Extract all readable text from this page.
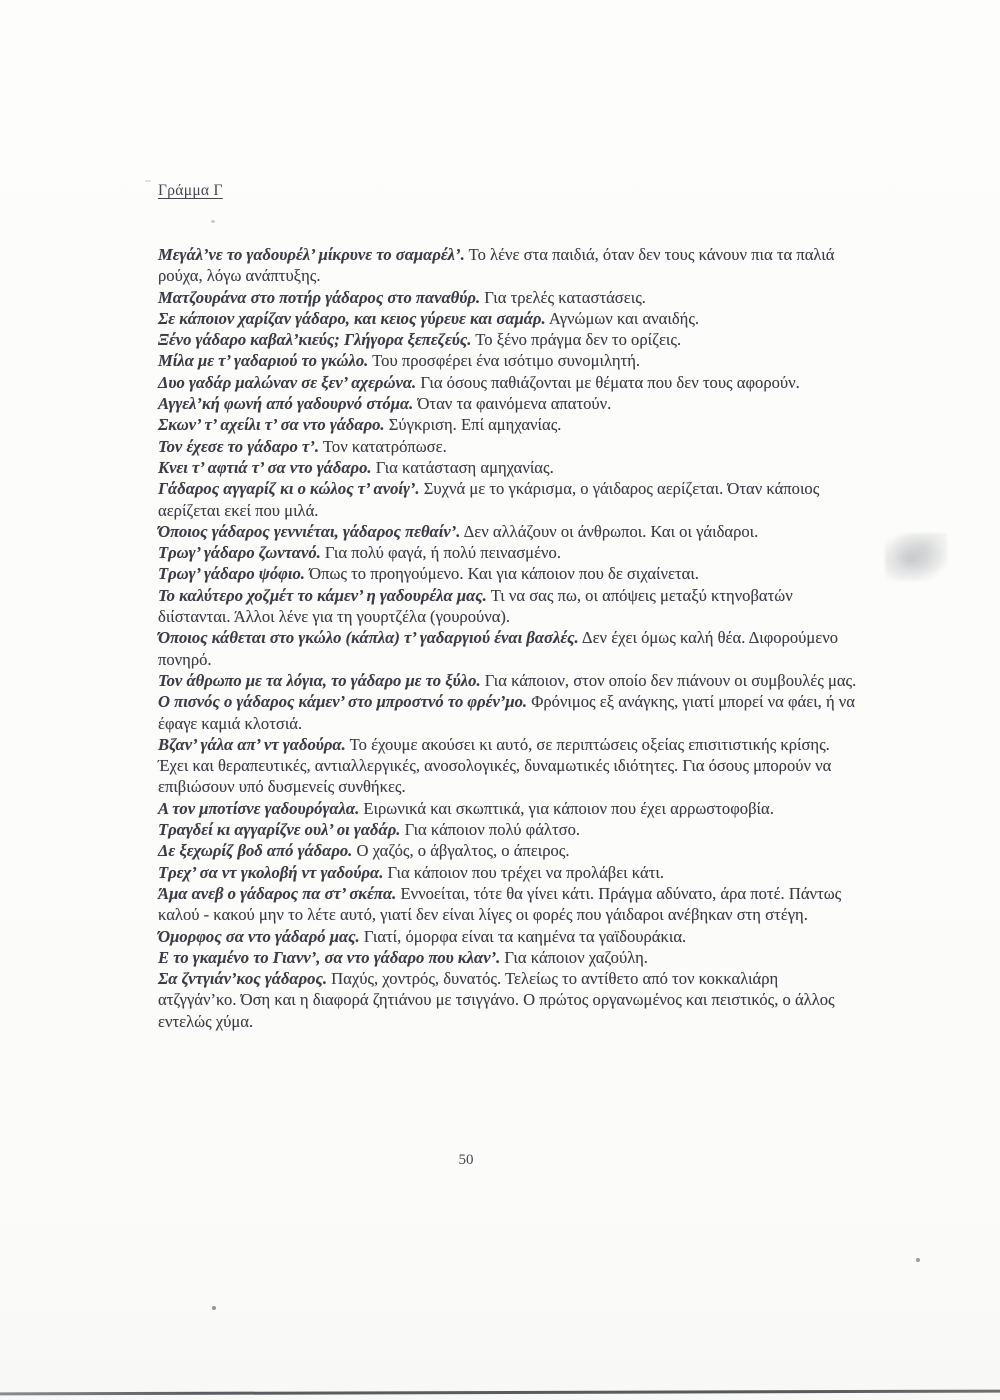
Γράμμα Γ

Μεγάλ’νε το γαδουρέλ’ μίκρυνε το σαμαρέλ’. Το λένε στα παιδιά, όταν δεν τους κάνουν πια τα παλιά ρούχα, λόγω ανάπτυξης.

Ματζουράνα στο ποτήρ γάδαρος στο παναθύρ. Για τρελές καταστάσεις.

Σε κάποιον χαρίζαν γάδαρο, και κειος γύρευε και σαμάρ. Αγνώμων και αναιδής.

Ξένο γάδαρο καβαλ’κιεύς; Γλήγορα ξεπεζεύς. Το ξένο πράγμα δεν το ορίζεις.

Μίλα με τ’ γαδαριού το γκώλο. Του προσφέρει ένα ισότιμο συνομιλητή.

Δυο γαδάρ μαλώναν σε ξεν’ αχερώνα. Για όσους παθιάζονται με θέματα που δεν τους αφορούν.

Αγγελ’κή φωνή από γαδουρνό στόμα. Όταν τα φαινόμενα απατούν.

Σκων’ τ’ αχείλι τ’ σα ντο γάδαρο. Σύγκριση. Επί αμηχανίας.

Τον έχεσε το γάδαρο τ’. Τον κατατρόπωσε.

Κνει τ’ αφτιά τ’ σα ντο γάδαρο. Για κατάσταση αμηχανίας.

Γάδαρος αγγαρίζ κι ο κώλος τ’ ανοίγ’. Συχνά με το γκάρισμα, ο γάιδαρος αερίζεται. Όταν κάποιος αερίζεται εκεί που μιλά.

Όποιος γάδαρος γεννιέται, γάδαρος πεθαίν’. Δεν αλλάζουν οι άνθρωποι. Και οι γάιδαροι.

Τρωγ’ γάδαρο ζωντανό. Για πολύ φαγά, ή πολύ πεινασμένο.

Τρωγ’ γάδαρο ψόφιο. Όπως το προηγούμενο. Και για κάποιον που δε σιχαίνεται.

Το καλύτερο χοζμέτ το κάμεν’ η γαδουρέλα μας. Τι να σας πω, οι απόψεις μεταξύ κτηνοβατών διίστανται. Άλλοι λένε για τη γουρτζέλα (γουρούνα).

Όποιος κάθεται στο γκώλο (κάπλα) τ’ γαδαργιού έναι βασλές. Δεν έχει όμως καλή θέα. Διφορούμενο πονηρό.

Τον άθρωπο με τα λόγια, το γάδαρο με το ξύλο. Για κάποιον, στον οποίο δεν πιάνουν οι συμβουλές μας.

Ο πισνός ο γάδαρος κάμεν’ στο μπροστνό το φρέν’μο. Φρόνιμος εξ ανάγκης, γιατί μπορεί να φάει, ή να έφαγε καμιά κλοτσιά.

Βζαν’ γάλα απ’ ντ γαδούρα. Το έχουμε ακούσει κι αυτό, σε περιπτώσεις οξείας επισιτιστικής κρίσης. Έχει και θεραπευτικές, αντιαλλεργικές, ανοσολογικές, δυναμωτικές ιδιότητες. Για όσους μπορούν να επιβιώσουν υπό δυσμενείς συνθήκες.

Α τον μποτίσνε γαδουρόγαλα. Ειρωνικά και σκωπτικά, για κάποιον που έχει αρρωστοφοβία.

Τραγδεί κι αγγαρίζνε ουλ’ οι γαδάρ. Για κάποιον πολύ φάλτσο.

Δε ξεχωρίζ βοδ από γάδαρο. Ο χαζός, ο άβγαλτος, ο άπειρος.

Τρεχ’ σα ντ γκολοβή ντ γαδούρα. Για κάποιον που τρέχει να προλάβει κάτι.

Άμα ανεβ ο γάδαρος πα στ’ σκέπα. Εννοείται, τότε θα γίνει κάτι. Πράγμα αδύνατο, άρα ποτέ. Πάντως καλού - κακού μην το λέτε αυτό, γιατί δεν είναι λίγες οι φορές που γάιδαροι ανέβηκαν στη στέγη.

Όμορφος σα ντο γάδαρό μας. Γιατί, όμορφα είναι τα καημένα τα γαϊδουράκια.

Ε το γκαμένο το Γιανν’, σα ντο γάδαρο που κλαν’. Για κάποιον χαζούλη.

Σα ζντγιάν’κος γάδαρος. Παχύς, χοντρός, δυνατός. Τελείως το αντίθετο από τον κοκκαλιάρη ατζγγάν’κο. Όση και η διαφορά ζητιάνου με τσιγγάνο. Ο πρώτος οργανωμένος και πειστικός, ο άλλος εντελώς χύμα.

50
